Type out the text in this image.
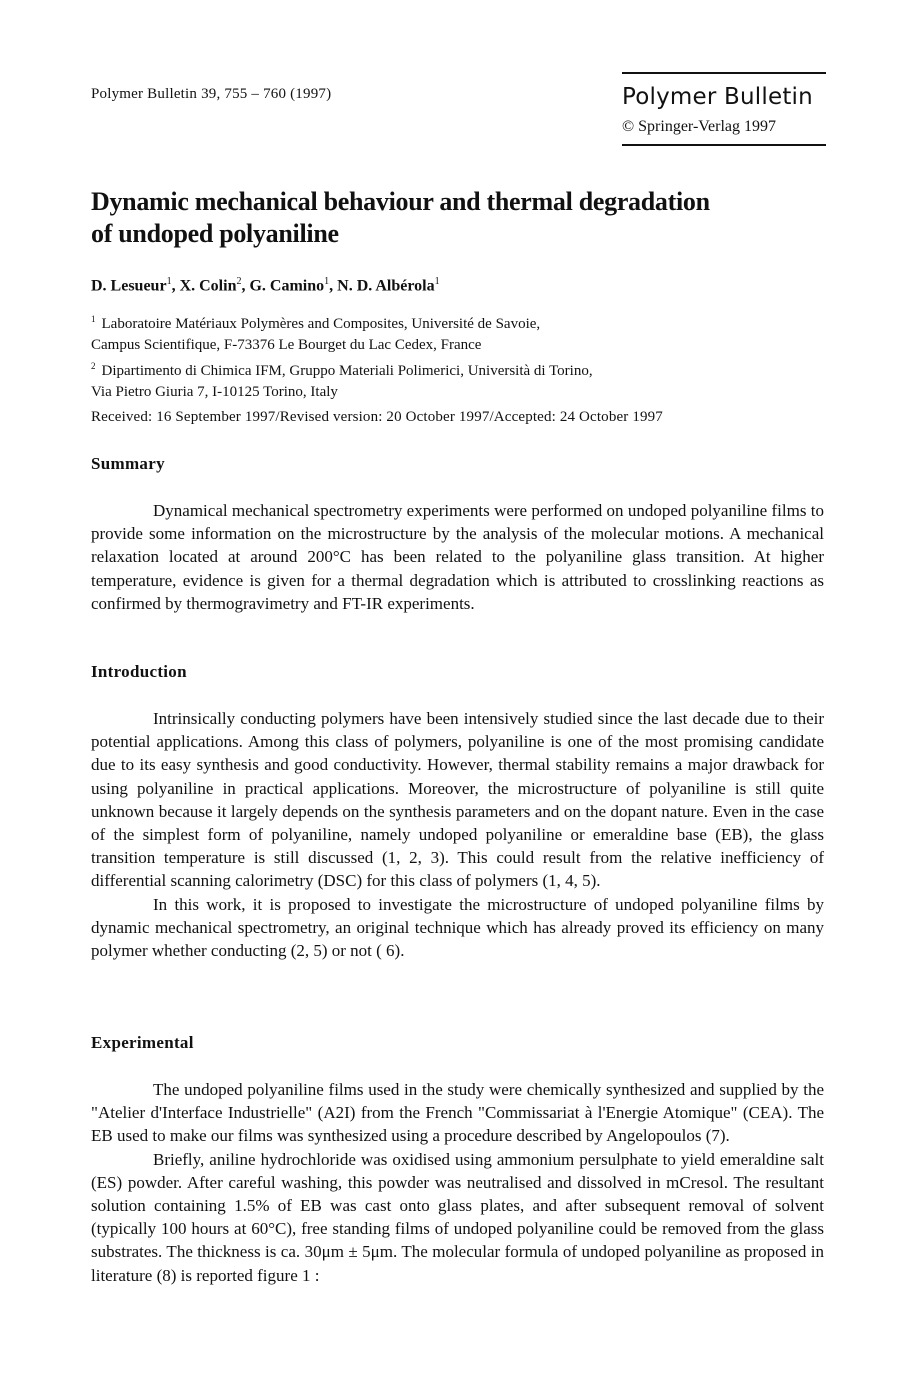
Polymer Bulletin 39, 755 – 760 (1997)	Polymer Bulletin
© Springer-Verlag 1997
Dynamic mechanical behaviour and thermal degradation
of undoped polyaniline
D. Lesueur$^1$, X. Colin$^2$, G. Camino$^1$, N. D. Albérola$^1$
$^1$ Laboratoire Matériaux Polymères and Composites, Université de Savoie,
Campus Scientifique, F-73376 Le Bourget du Lac Cedex, France
$^2$ Dipartimento di Chimica IFM, Gruppo Materiali Polimerici, Università di Torino,
Via Pietro Giuria 7, I-10125 Torino, Italy
Received: 16 September 1997/Revised version: 20 October 1997/Accepted: 24 October 1997
Summary

Dynamical mechanical spectrometry experiments were performed on undoped polyaniline films to provide some information on the microstructure by the analysis of the molecular motions. A mechanical relaxation located at around 200°C has been related to the polyaniline glass transition. At higher temperature, evidence is given for a thermal degradation which is attributed to crosslinking reactions as confirmed by thermogravimetry and FT-IR experiments.

Introduction

Intrinsically conducting polymers have been intensively studied since the last decade due to their potential applications. Among this class of polymers, polyaniline is one of the most promising candidate due to its easy synthesis and good conductivity. However, thermal stability remains a major drawback for using polyaniline in practical applications. Moreover, the microstructure of polyaniline is still quite unknown because it largely depends on the synthesis parameters and on the dopant nature. Even in the case of the simplest form of polyaniline, namely undoped polyaniline or emeraldine base (EB), the glass transition temperature is still discussed (1, 2, 3). This could result from the relative inefficiency of differential scanning calorimetry (DSC) for this class of polymers (1, 4, 5).

In this work, it is proposed to investigate the microstructure of undoped polyaniline films by dynamic mechanical spectrometry, an original technique which has already proved its efficiency on many polymer whether conducting (2, 5) or not ( 6).

Experimental

The undoped polyaniline films used in the study were chemically synthesized and supplied by the "Atelier d'Interface Industrielle" (A2I) from the French "Commissariat à l'Energie Atomique" (CEA). The EB used to make our films was synthesized using a procedure described by Angelopoulos (7).

Briefly, aniline hydrochloride was oxidised using ammonium persulphate to yield emeraldine salt (ES) powder. After careful washing, this powder was neutralised and dissolved in mCresol. The resultant solution containing 1.5% of EB was cast onto glass plates, and after subsequent removal of solvent (typically 100 hours at 60°C), free standing films of undoped polyaniline could be removed from the glass substrates. The thickness is ca. 30μm ± 5μm. The molecular formula of undoped polyaniline as proposed in literature (8) is reported figure 1 :
